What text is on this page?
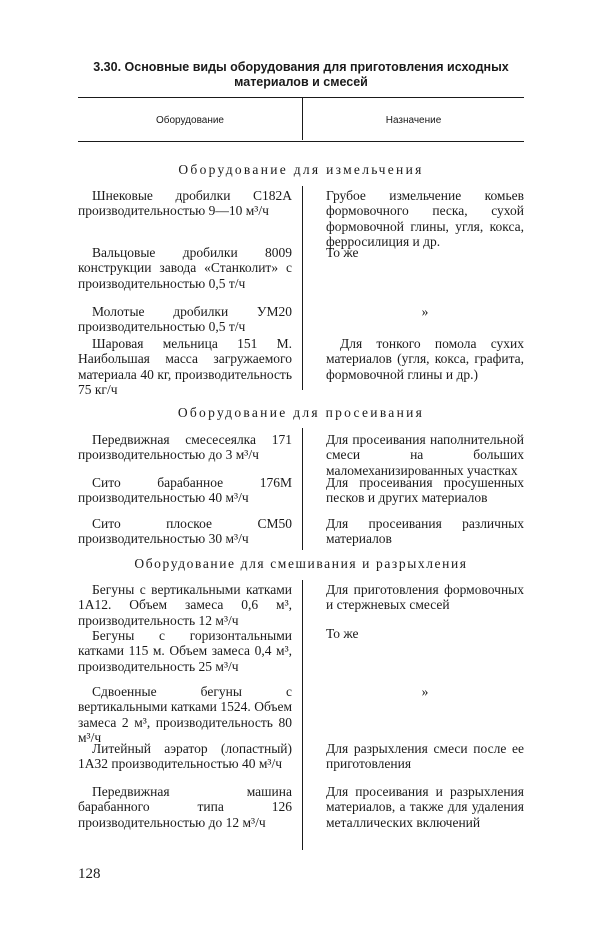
3.30. Основные виды оборудования для приготовления исходных материалов и смесей
Оборудование	Назначение
Оборудование для измельчения
Шнековые дробилки С182А производительностью 9—10 м³/ч
Грубое измельчение комьев формовочного песка, сухой формовочной глины, угля, кокса, ферросилиция и др.
Вальцовые дробилки 8009 конструкции завода «Станколит» с производительностью 0,5 т/ч
То же
Молотые дробилки УМ20 производительностью 0,5 т/ч
»
Шаровая мельница 151 М. Наибольшая масса загружаемого материала 40 кг, производительность 75 кг/ч
Для тонкого помола сухих материалов (угля, кокса, графита, формовочной глины и др.)
Оборудование для просеивания
Передвижная смесесеялка 171 производительностью до 3 м³/ч
Для просеивания наполнительной смеси на больших маломеханизированных участках
Сито барабанное 176М производительностью 40 м³/ч
Для просеивания просушенных песков и других материалов
Сито плоское СМ50 производительностью 30 м³/ч
Для просеивания различных материалов
Оборудование для смешивания и разрыхления
Бегуны с вертикальными катками 1А12. Объем замеса 0,6 м³, производительность 12 м³/ч
Для приготовления формовочных и стержневых смесей
Бегуны с горизонтальными катками 115 м. Объем замеса 0,4 м³, производительность 25 м³/ч
То же
Сдвоенные бегуны с вертикальными катками 1524. Объем замеса 2 м³, производительность 80 м³/ч
»
Литейный аэратор (лопастный) 1А32 производительностью 40 м³/ч
Для разрыхления смеси после ее приготовления
Передвижная машина барабанного типа 126 производительностью до 12 м³/ч
Для просеивания и разрыхления материалов, а также для удаления металлических включений
128
